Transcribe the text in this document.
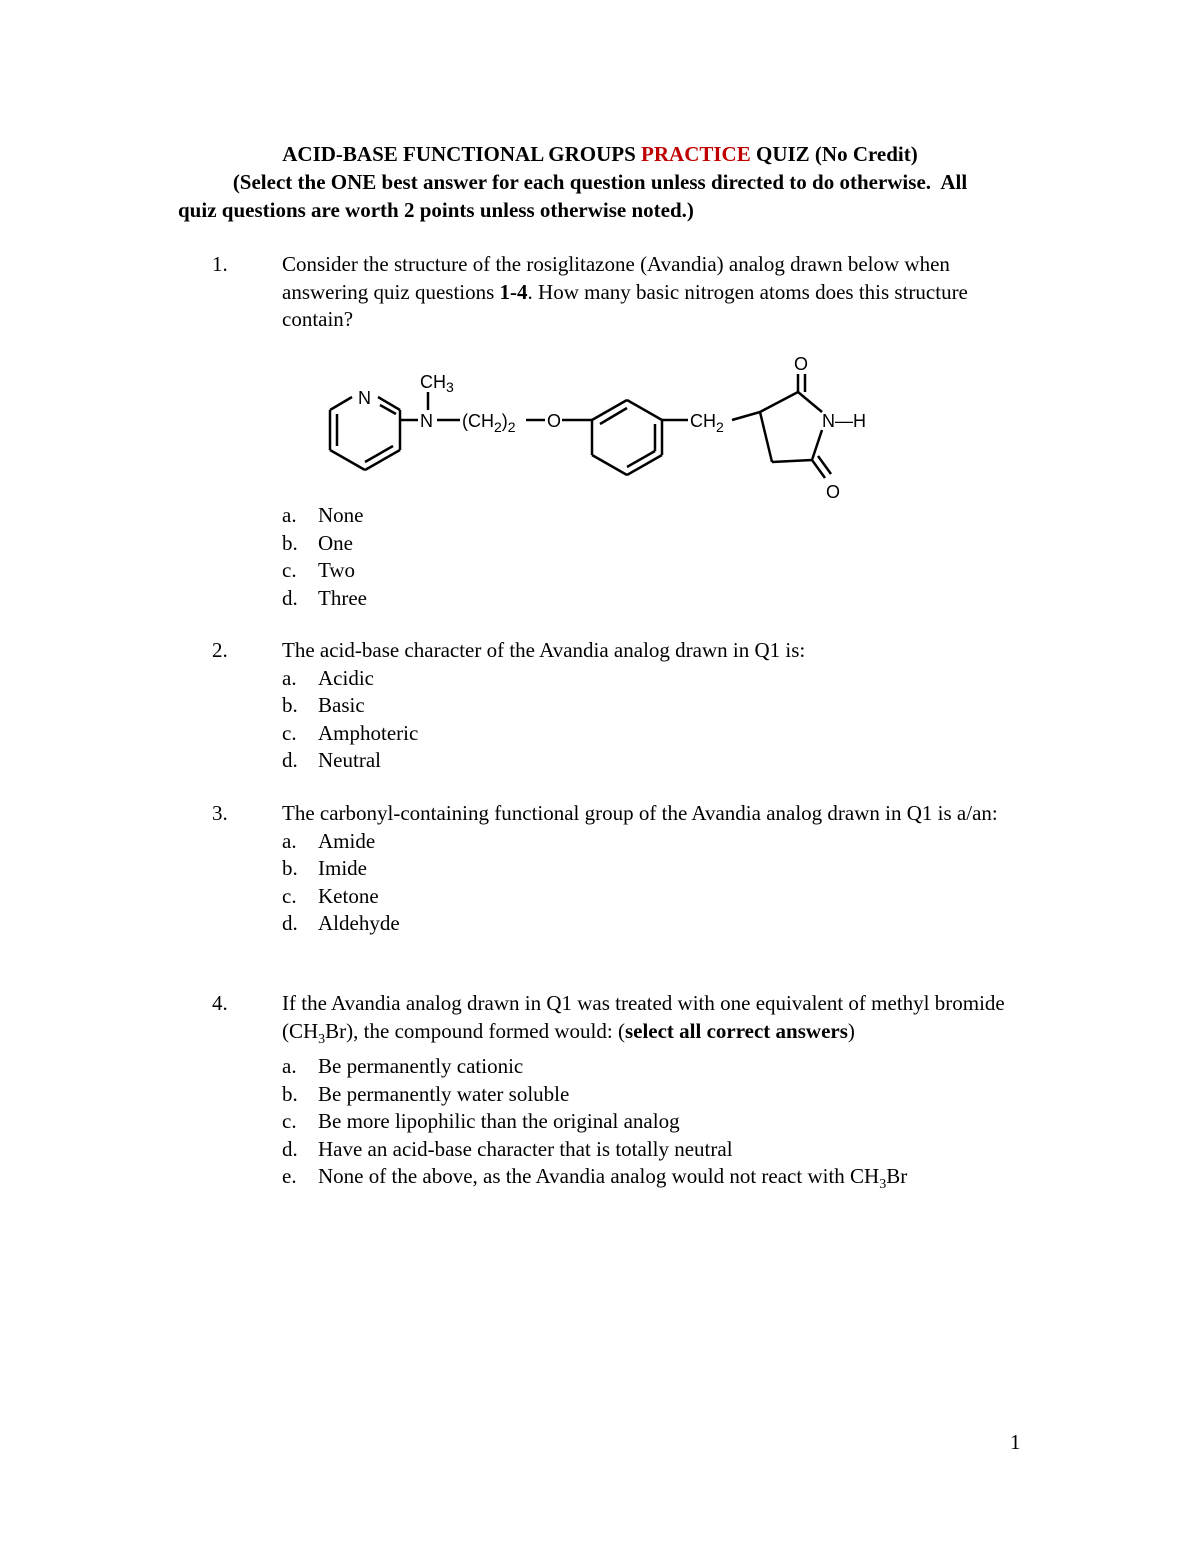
ACID-BASE FUNCTIONAL GROUPS PRACTICE QUIZ (No Credit)
(Select the ONE best answer for each question unless directed to do otherwise.  All
quiz questions are worth 2 points unless otherwise noted.)
1.	Consider the structure of the rosiglitazone (Avandia) analog drawn below when answering quiz questions 1-4. How many basic nitrogen atoms does this structure contain?
N
N
$CH_3$
$(CH_2)_2$ O	$CH_2$
O
O
N—H
a.	None
b. One
c.	Two
d. Three
2.	The acid-base character of the Avandia analog drawn in Q1 is:
a.	Acidic
b. Basic
c.	Amphoteric
d. Neutral
3.	The carbonyl-containing functional group of the Avandia analog drawn in Q1 is a/an:
a.	Amide
b. Imide
c.	Ketone
d. Aldehyde
4.	If the Avandia analog drawn in Q1 was treated with one equivalent of methyl bromide $(CH_3Br)$, the compound formed would: (select all correct answers)
a.	Be permanently cationic
b. Be permanently water soluble
c.	Be more lipophilic than the original analog
d. Have an acid-base character that is totally neutral
e.	None of the above, as the Avandia analog would not react with $CH_3Br$
1
